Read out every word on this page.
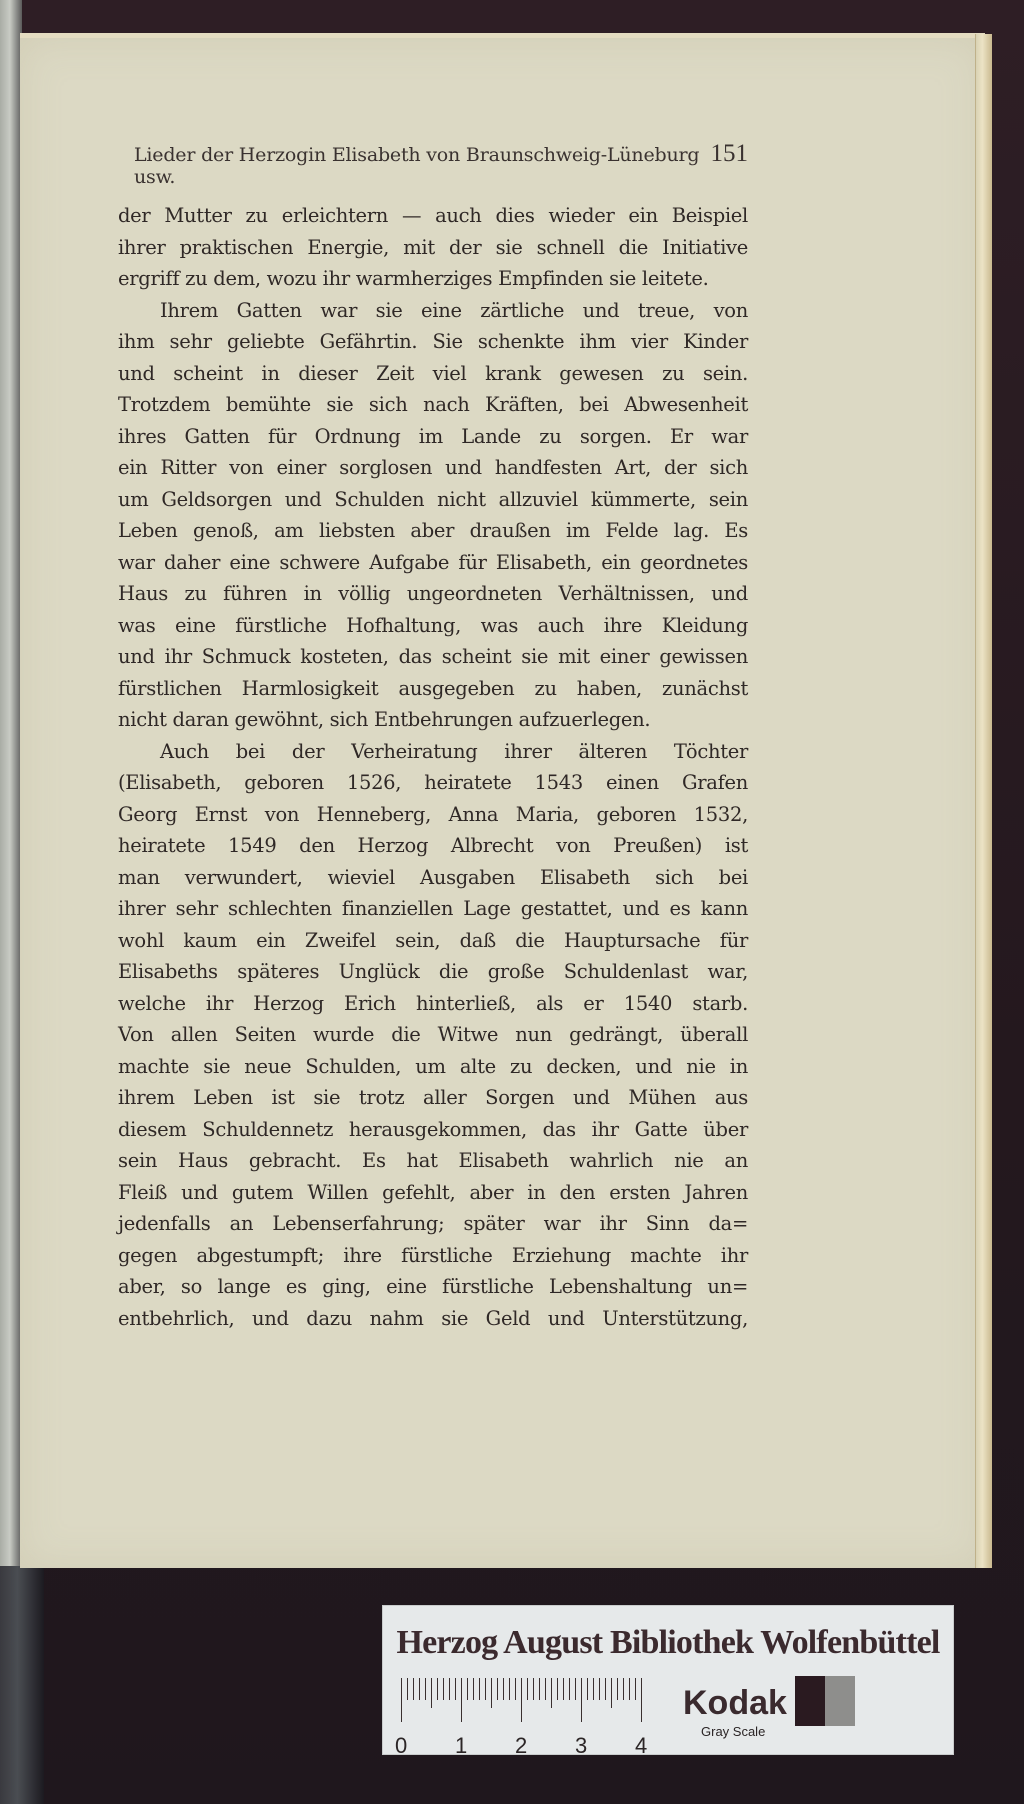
Lieder der Herzogin Elisabeth von Braunschweig-Lüneburg usw.
151
der Mutter zu erleichtern — auch dies wieder ein Beispiel
ihrer praktischen Energie, mit der sie schnell die Initiative
ergriff zu dem, wozu ihr warmherziges Empfinden sie leitete.
Ihrem Gatten war sie eine zärtliche und treue, von
ihm sehr geliebte Gefährtin. Sie schenkte ihm vier Kinder
und scheint in dieser Zeit viel krank gewesen zu sein.
Trotzdem bemühte sie sich nach Kräften, bei Abwesenheit
ihres Gatten für Ordnung im Lande zu sorgen. Er war
ein Ritter von einer sorglosen und handfesten Art, der sich
um Geldsorgen und Schulden nicht allzuviel kümmerte, sein
Leben genoß, am liebsten aber draußen im Felde lag. Es
war daher eine schwere Aufgabe für Elisabeth, ein geordnetes
Haus zu führen in völlig ungeordneten Verhältnissen, und
was eine fürstliche Hofhaltung, was auch ihre Kleidung
und ihr Schmuck kosteten, das scheint sie mit einer gewissen
fürstlichen Harmlosigkeit ausgegeben zu haben, zunächst
nicht daran gewöhnt, sich Entbehrungen aufzuerlegen.
Auch bei der Verheiratung ihrer älteren Töchter
(Elisabeth, geboren 1526, heiratete 1543 einen Grafen
Georg Ernst von Henneberg, Anna Maria, geboren 1532,
heiratete 1549 den Herzog Albrecht von Preußen) ist
man verwundert, wieviel Ausgaben Elisabeth sich bei
ihrer sehr schlechten finanziellen Lage gestattet, und es kann
wohl kaum ein Zweifel sein, daß die Hauptursache für
Elisabeths späteres Unglück die große Schuldenlast war,
welche ihr Herzog Erich hinterließ, als er 1540 starb.
Von allen Seiten wurde die Witwe nun gedrängt, überall
machte sie neue Schulden, um alte zu decken, und nie in
ihrem Leben ist sie trotz aller Sorgen und Mühen aus
diesem Schuldennetz herausgekommen, das ihr Gatte über
sein Haus gebracht. Es hat Elisabeth wahrlich nie an
Fleiß und gutem Willen gefehlt, aber in den ersten Jahren
jedenfalls an Lebenserfahrung; später war ihr Sinn da=
gegen abgestumpft; ihre fürstliche Erziehung machte ihr
aber, so lange es ging, eine fürstliche Lebenshaltung un=
entbehrlich, und dazu nahm sie Geld und Unterstützung,
Herzog August Bibliothek Wolfenbüttel
0 1 2 3 4
Kodak
Gray Scale
